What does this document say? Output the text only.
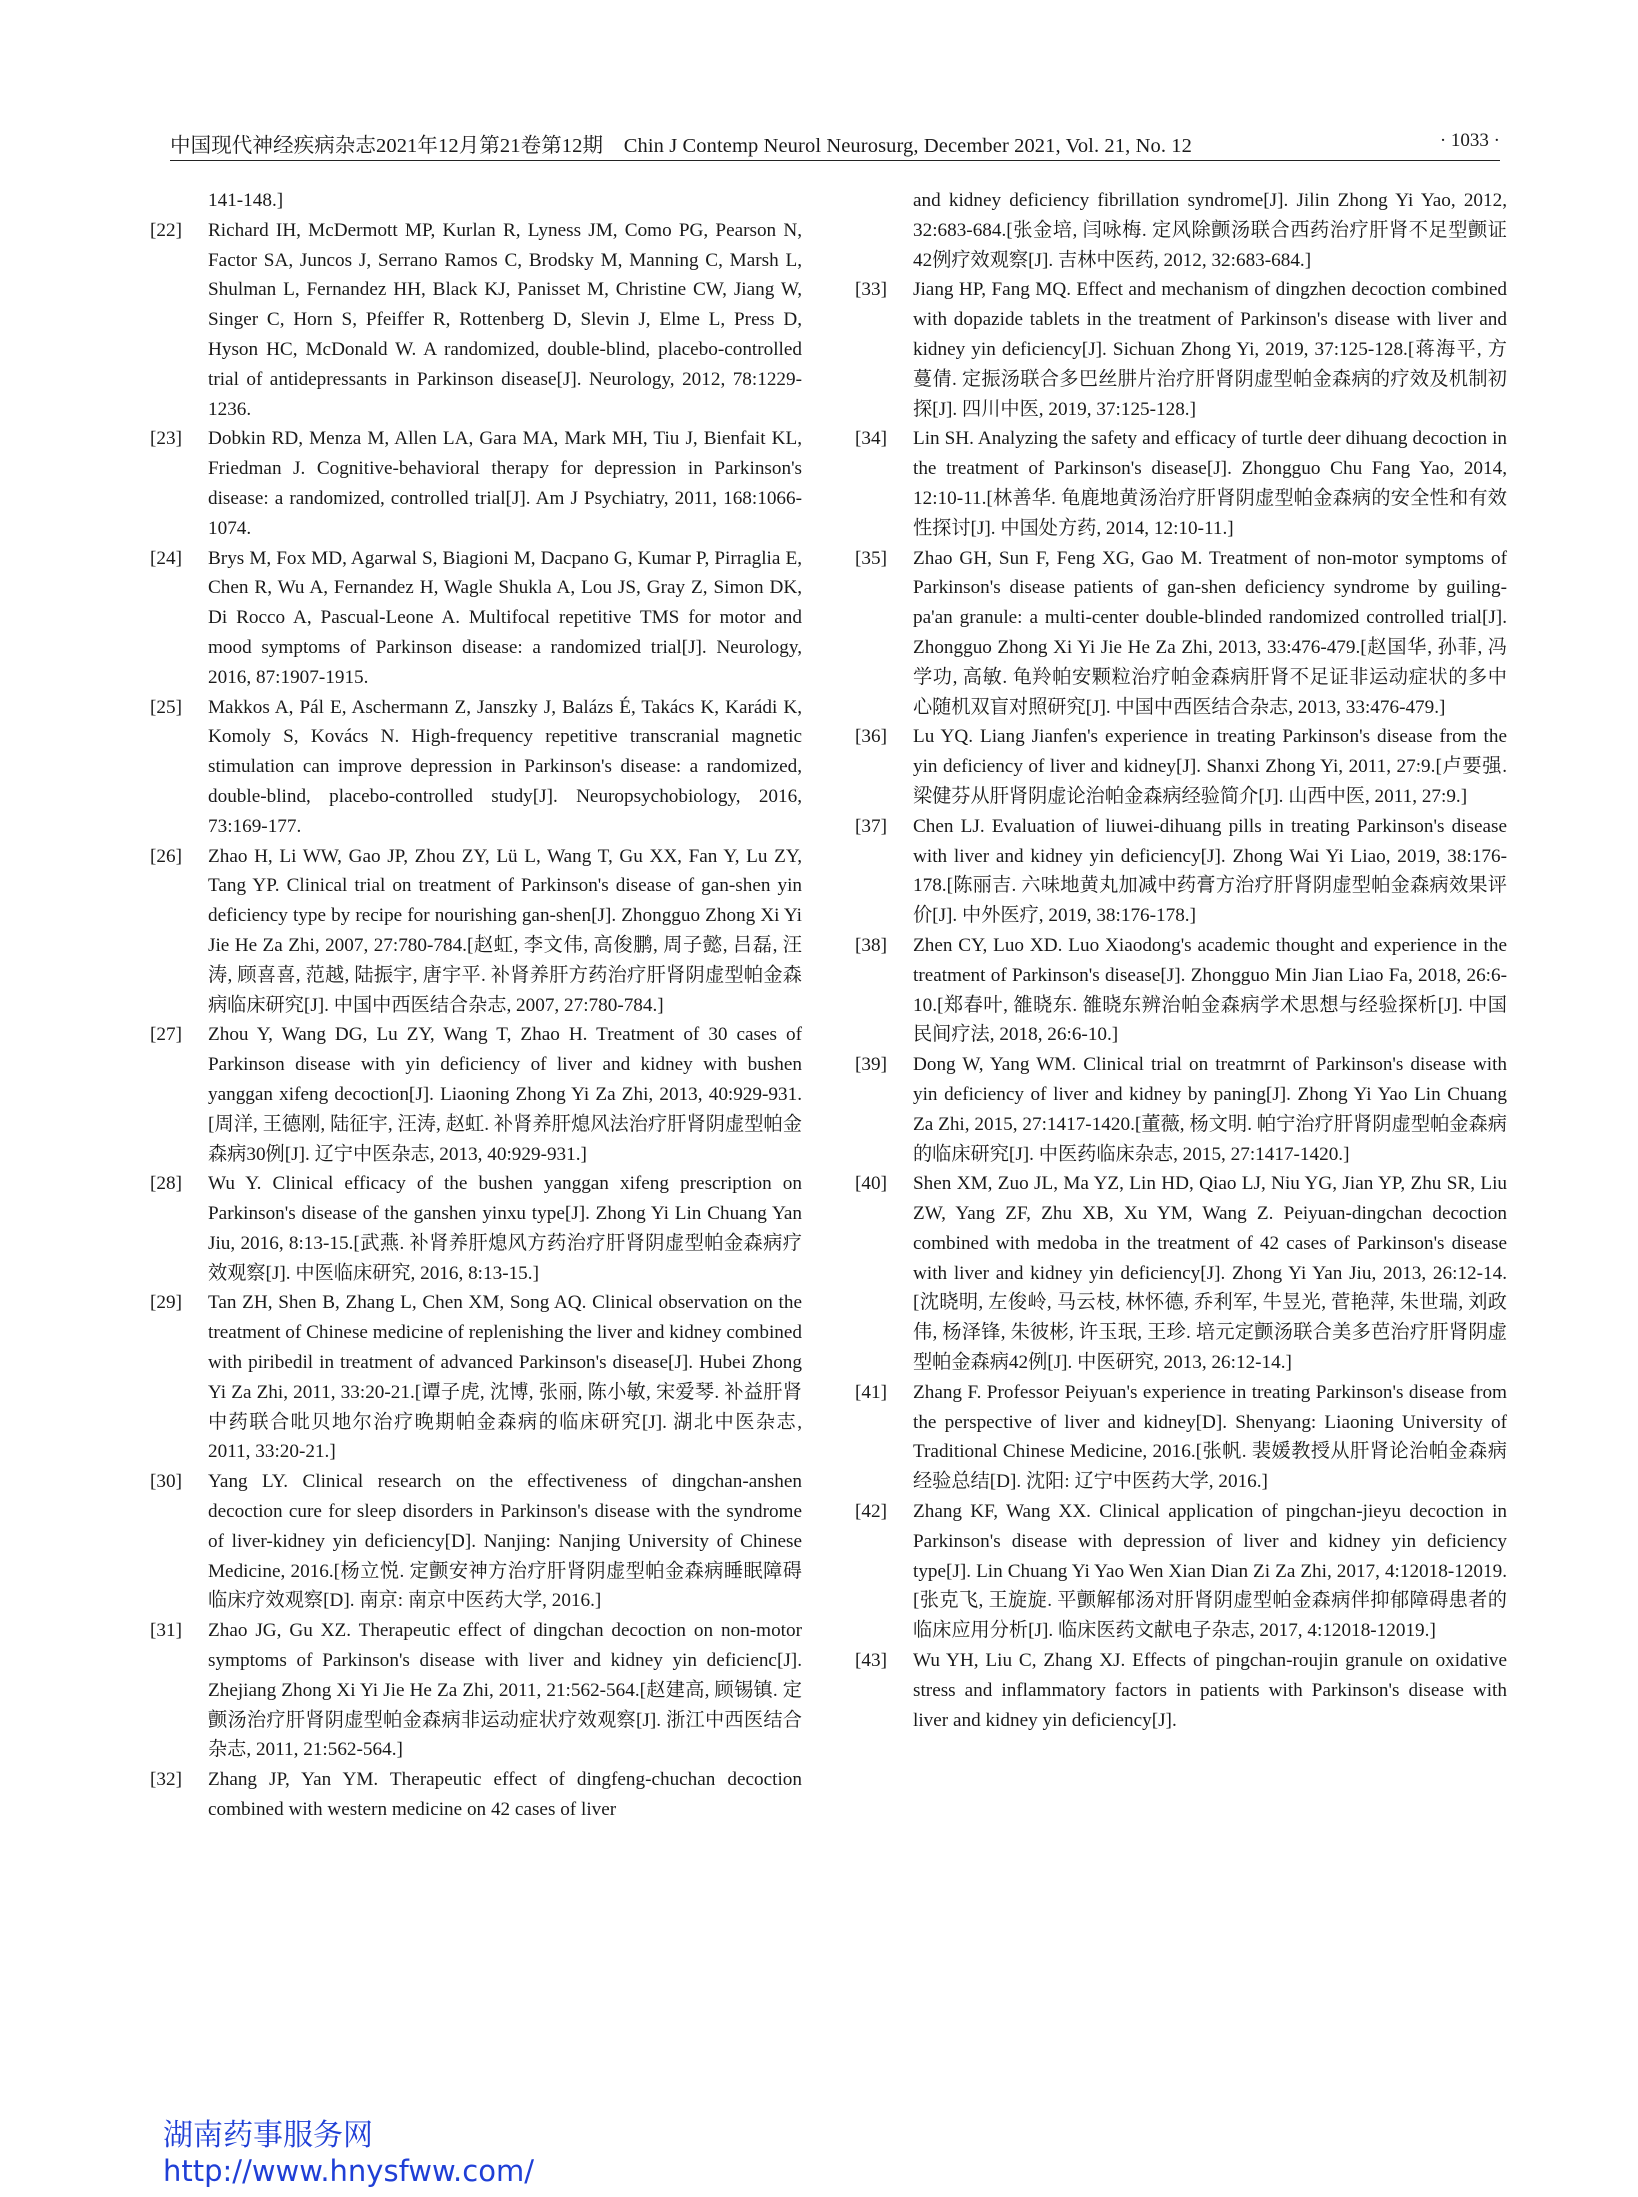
中国现代神经疾病杂志2021年12月第21卷第12期　Chin J Contemp Neurol Neurosurg, December 2021, Vol. 21, No. 12	· 1033 ·

141-148.]

[22] Richard IH, McDermott MP, Kurlan R, Lyness JM, Como PG, Pearson N, Factor SA, Juncos J, Serrano Ramos C, Brodsky M, Manning C, Marsh L, Shulman L, Fernandez HH, Black KJ, Panisset M, Christine CW, Jiang W, Singer C, Horn S, Pfeiffer R, Rottenberg D, Slevin J, Elme L, Press D, Hyson HC, McDonald W. A randomized, double-blind, placebo-controlled trial of antidepressants in Parkinson disease[J]. Neurology, 2012, 78:1229-1236.

[23] Dobkin RD, Menza M, Allen LA, Gara MA, Mark MH, Tiu J, Bienfait KL, Friedman J. Cognitive-behavioral therapy for depression in Parkinson's disease: a randomized, controlled trial[J]. Am J Psychiatry, 2011, 168:1066-1074.

[24] Brys M, Fox MD, Agarwal S, Biagioni M, Dacpano G, Kumar P, Pirraglia E, Chen R, Wu A, Fernandez H, Wagle Shukla A, Lou JS, Gray Z, Simon DK, Di Rocco A, Pascual-Leone A. Multifocal repetitive TMS for motor and mood symptoms of Parkinson disease: a randomized trial[J]. Neurology, 2016, 87:1907-1915.

[25] Makkos A, Pál E, Aschermann Z, Janszky J, Balázs É, Takács K, Karádi K, Komoly S, Kovács N. High-frequency repetitive transcranial magnetic stimulation can improve depression in Parkinson's disease: a randomized, double-blind, placebo-controlled study[J]. Neuropsychobiology, 2016, 73:169-177.

[26] Zhao H, Li WW, Gao JP, Zhou ZY, Lü L, Wang T, Gu XX, Fan Y, Lu ZY, Tang YP. Clinical trial on treatment of Parkinson's disease of gan-shen yin deficiency type by recipe for nourishing gan-shen[J]. Zhongguo Zhong Xi Yi Jie He Za Zhi, 2007, 27:780-784.[赵虹, 李文伟, 高俊鹏, 周子懿, 吕磊, 汪涛, 顾喜喜, 范越, 陆振宇, 唐宇平. 补肾养肝方药治疗肝肾阴虚型帕金森病临床研究[J]. 中国中西医结合杂志, 2007, 27:780-784.]

[27] Zhou Y, Wang DG, Lu ZY, Wang T, Zhao H. Treatment of 30 cases of Parkinson disease with yin deficiency of liver and kidney with bushen yanggan xifeng decoction[J]. Liaoning Zhong Yi Za Zhi, 2013, 40:929-931.[周洋, 王德刚, 陆征宇, 汪涛, 赵虹. 补肾养肝熄风法治疗肝肾阴虚型帕金森病30例[J]. 辽宁中医杂志, 2013, 40:929-931.]

[28] Wu Y. Clinical efficacy of the bushen yanggan xifeng prescription on Parkinson's disease of the ganshen yinxu type[J]. Zhong Yi Lin Chuang Yan Jiu, 2016, 8:13-15.[武燕. 补肾养肝熄风方药治疗肝肾阴虚型帕金森病疗效观察[J]. 中医临床研究, 2016, 8:13-15.]

[29] Tan ZH, Shen B, Zhang L, Chen XM, Song AQ. Clinical observation on the treatment of Chinese medicine of replenishing the liver and kidney combined with piribedil in treatment of advanced Parkinson's disease[J]. Hubei Zhong Yi Za Zhi, 2011, 33:20-21.[谭子虎, 沈博, 张丽, 陈小敏, 宋爱琴. 补益肝肾中药联合吡贝地尔治疗晚期帕金森病的临床研究[J]. 湖北中医杂志, 2011, 33:20-21.]

[30] Yang LY. Clinical research on the effectiveness of dingchan-anshen decoction cure for sleep disorders in Parkinson's disease with the syndrome of liver-kidney yin deficiency[D]. Nanjing: Nanjing University of Chinese Medicine, 2016.[杨立悦. 定颤安神方治疗肝肾阴虚型帕金森病睡眠障碍临床疗效观察[D]. 南京: 南京中医药大学, 2016.]

[31] Zhao JG, Gu XZ. Therapeutic effect of dingchan decoction on non-motor symptoms of Parkinson's disease with liver and kidney yin deficienc[J]. Zhejiang Zhong Xi Yi Jie He Za Zhi, 2011, 21:562-564.[赵建高, 顾锡镇. 定颤汤治疗肝肾阴虚型帕金森病非运动症状疗效观察[J]. 浙江中西医结合杂志, 2011, 21:562-564.]

[32] Zhang JP, Yan YM. Therapeutic effect of dingfeng-chuchan decoction combined with western medicine on 42 cases of liver

and kidney deficiency fibrillation syndrome[J]. Jilin Zhong Yi Yao, 2012, 32:683-684.[张金培, 闫咏梅. 定风除颤汤联合西药治疗肝肾不足型颤证42例疗效观察[J]. 吉林中医药, 2012, 32:683-684.]

[33] Jiang HP, Fang MQ. Effect and mechanism of dingzhen decoction combined with dopazide tablets in the treatment of Parkinson's disease with liver and kidney yin deficiency[J]. Sichuan Zhong Yi, 2019, 37:125-128.[蒋海平, 方蔓倩. 定振汤联合多巴丝肼片治疗肝肾阴虚型帕金森病的疗效及机制初探[J]. 四川中医, 2019, 37:125-128.]

[34] Lin SH. Analyzing the safety and efficacy of turtle deer dihuang decoction in the treatment of Parkinson's disease[J]. Zhongguo Chu Fang Yao, 2014, 12:10-11.[林善华. 龟鹿地黄汤治疗肝肾阴虚型帕金森病的安全性和有效性探讨[J]. 中国处方药, 2014, 12:10-11.]

[35] Zhao GH, Sun F, Feng XG, Gao M. Treatment of non-motor symptoms of Parkinson's disease patients of gan-shen deficiency syndrome by guiling-pa'an granule: a multi-center double-blinded randomized controlled trial[J]. Zhongguo Zhong Xi Yi Jie He Za Zhi, 2013, 33:476-479.[赵国华, 孙菲, 冯学功, 高敏. 龟羚帕安颗粒治疗帕金森病肝肾不足证非运动症状的多中心随机双盲对照研究[J]. 中国中西医结合杂志, 2013, 33:476-479.]

[36] Lu YQ. Liang Jianfen's experience in treating Parkinson's disease from the yin deficiency of liver and kidney[J]. Shanxi Zhong Yi, 2011, 27:9.[卢要强. 梁健芬从肝肾阴虚论治帕金森病经验简介[J]. 山西中医, 2011, 27:9.]

[37] Chen LJ. Evaluation of liuwei-dihuang pills in treating Parkinson's disease with liver and kidney yin deficiency[J]. Zhong Wai Yi Liao, 2019, 38:176-178.[陈丽吉. 六味地黄丸加减中药膏方治疗肝肾阴虚型帕金森病效果评价[J]. 中外医疗, 2019, 38:176-178.]

[38] Zhen CY, Luo XD. Luo Xiaodong's academic thought and experience in the treatment of Parkinson's disease[J]. Zhongguo Min Jian Liao Fa, 2018, 26:6-10.[郑春叶, 雒晓东. 雒晓东辨治帕金森病学术思想与经验探析[J]. 中国民间疗法, 2018, 26:6-10.]

[39] Dong W, Yang WM. Clinical trial on treatmrnt of Parkinson's disease with yin deficiency of liver and kidney by paning[J]. Zhong Yi Yao Lin Chuang Za Zhi, 2015, 27:1417-1420.[董薇, 杨文明. 帕宁治疗肝肾阴虚型帕金森病的临床研究[J]. 中医药临床杂志, 2015, 27:1417-1420.]

[40] Shen XM, Zuo JL, Ma YZ, Lin HD, Qiao LJ, Niu YG, Jian YP, Zhu SR, Liu ZW, Yang ZF, Zhu XB, Xu YM, Wang Z. Peiyuan-dingchan decoction combined with medoba in the treatment of 42 cases of Parkinson's disease with liver and kidney yin deficiency[J]. Zhong Yi Yan Jiu, 2013, 26:12-14.[沈晓明, 左俊岭, 马云枝, 林怀德, 乔利军, 牛昱光, 菅艳萍, 朱世瑞, 刘政伟, 杨泽锋, 朱彼彬, 许玉珉, 王珍. 培元定颤汤联合美多芭治疗肝肾阴虚型帕金森病42例[J]. 中医研究, 2013, 26:12-14.]

[41] Zhang F. Professor Peiyuan's experience in treating Parkinson's disease from the perspective of liver and kidney[D]. Shenyang: Liaoning University of Traditional Chinese Medicine, 2016.[张帆. 裴媛教授从肝肾论治帕金森病经验总结[D]. 沈阳: 辽宁中医药大学, 2016.]

[42] Zhang KF, Wang XX. Clinical application of pingchan-jieyu decoction in Parkinson's disease with depression of liver and kidney yin deficiency type[J]. Lin Chuang Yi Yao Wen Xian Dian Zi Za Zhi, 2017, 4:12018-12019.[张克飞, 王旋旋. 平颤解郁汤对肝肾阴虚型帕金森病伴抑郁障碍患者的临床应用分析[J]. 临床医药文献电子杂志, 2017, 4:12018-12019.]

[43] Wu YH, Liu C, Zhang XJ. Effects of pingchan-roujin granule on oxidative stress and inflammatory factors in patients with Parkinson's disease with liver and kidney yin deficiency[J].

湖南药事服务网
http://www.hnysfww.com/
